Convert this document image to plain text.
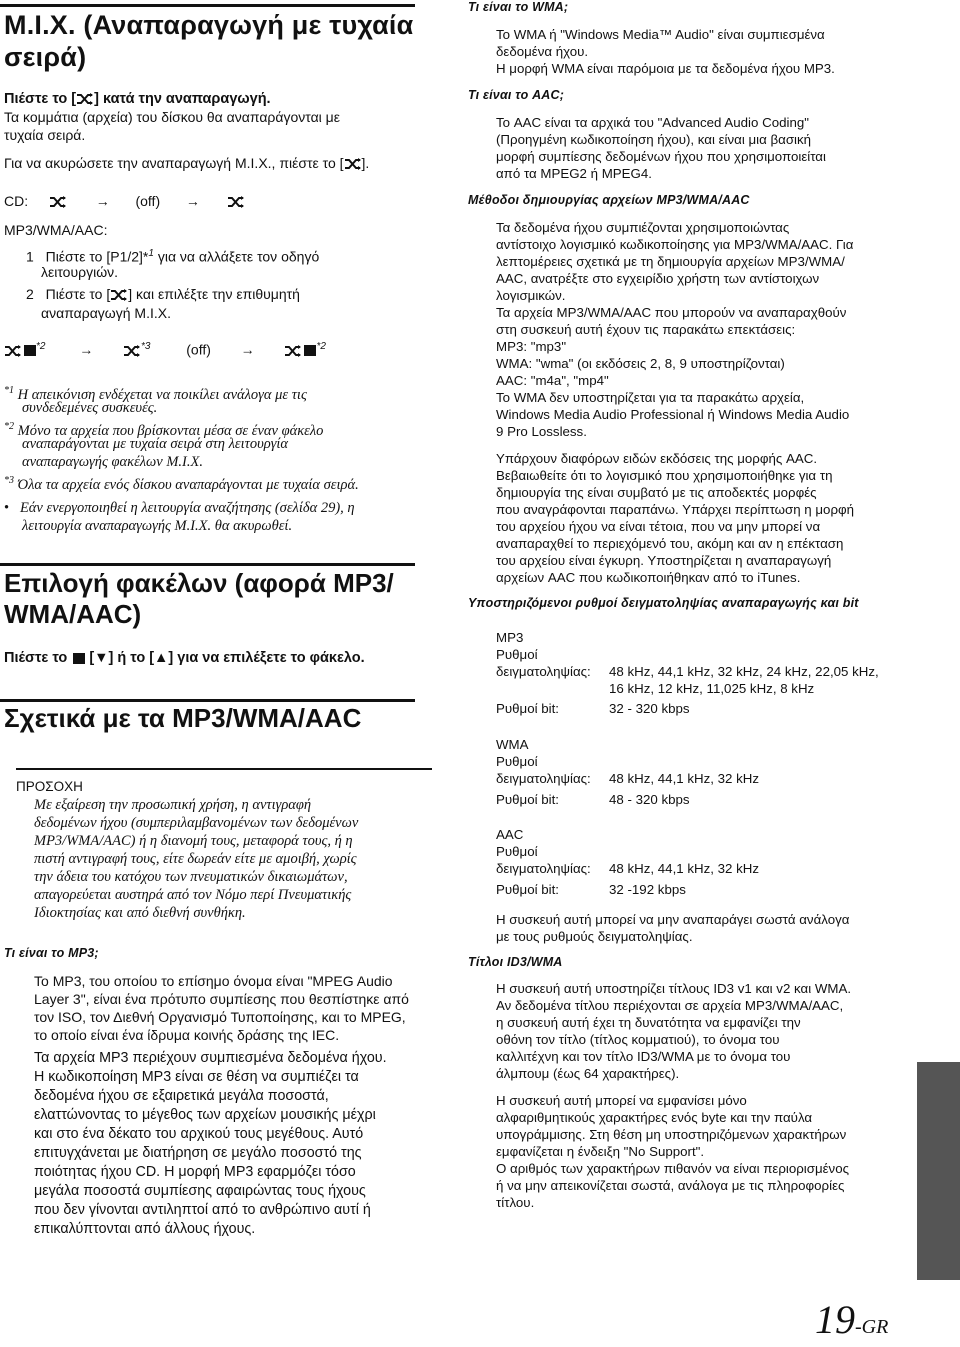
Μ.Ι.Χ. (Αναπαραγωγή με τυχαία

σειρά)

Πιέστε το [ ] κατά την αναπαραγωγή.

Τα κομμάτια (αρχεία) του δίσκου θα αναπαράγονται με

τυχαία σειρά.

Για να ακυρώσετε την αναπαραγωγή Μ.Ι.Χ., πιέστε το [ ].

CD:	→ (off) →

MP3/WMA/AAC:

1 Πιέστε το [P1/2]*$^1$ για να αλλάξετε τον οδηγό

λειτουργιών.

2 Πιέστε το [ ] και επιλέξτε την επιθυμητή

αναπαραγωγή Μ.Ι.Χ.

$^{*2}$ →	$^{*3}$	(off) →	$^{*2}$

$^{*1}$ Η απεικόνιση ενδέχεται να ποικίλει ανάλογα με τις

συνδεδεμένες συσκευές.

$^{*2}$ Μόνο τα αρχεία που βρίσκονται μέσα σε έναν φάκελο

αναπαράγονται με τυχαία σειρά στη λειτουργία

αναπαραγωγής φακέλων Μ.Ι.Χ.

$^{*3}$ Όλα τα αρχεία ενός δίσκου αναπαράγονται με τυχαία σειρά.

• Εάν ενεργοποιηθεί η λειτουργία αναζήτησης (σελίδα 29), η

λειτουργία αναπαραγωγής Μ.Ι.Χ. θα ακυρωθεί.

Επιλογή φακέλων (αφορά MP3/

WMA/AAC)

Πιέστε το [▼] ή το [▲] για να επιλέξετε το φάκελο.

Σχετικά με τα MP3/WMA/AAC

ΠΡΟΣΟΧΗ

Με εξαίρεση την προσωπική χρήση, η αντιγραφή

δεδομένων ήχου (συμπεριλαμβανομένων των δεδομένων

MP3/WMA/AAC) ή η διανομή τους, μεταφορά τους, ή η

πιστή αντιγραφή τους, είτε δωρεάν είτε με αμοιβή, χωρίς

την άδεια του κατόχου των πνευματικών δικαιωμάτων,

απαγορεύεται αυστηρά από τον Νόμο περί Πνευματικής

Ιδιοκτησίας και από διεθνή συνθήκη.

Τι είναι το MP3;

Το MP3, του οποίου το επίσημο όνομα είναι "MPEG Audio

Layer 3", είναι ένα πρότυπο συμπίεσης που θεσπίστηκε από

τον ISO, τον Διεθνή Οργανισμό Τυποποίησης, και το MPEG,

το οποίο είναι ένα ίδρυμα κοινής δράσης της IEC.

Τα αρχεία MP3 περιέχουν συμπιεσμένα δεδομένα ήχου.

Η κωδικοποίηση MP3 είναι σε θέση να συμπιέζει τα

δεδομένα ήχου σε εξαιρετικά μεγάλα ποσοστά,

ελαττώνοντας το μέγεθος των αρχείων μουσικής μέχρι

και στο ένα δέκατο του αρχικού τους μεγέθους. Αυτό

επιτυγχάνεται με διατήρηση σε μεγάλο ποσοστό της

ποιότητας ήχου CD. Η μορφή MP3 εφαρμόζει τόσο

μεγάλα ποσοστά συμπίεσης αφαιρώντας τους ήχους

που δεν γίνονται αντιληπτοί από το ανθρώπινο αυτί ή

επικαλύπτονται από άλλους ήχους.

Τι είναι το WMA;

Το WMA ή "Windows Media™ Audio" είναι συμπιεσμένα

δεδομένα ήχου.

Η μορφή WMA είναι παρόμοια με τα δεδομένα ήχου MP3.

Τι είναι το AAC;

Το AAC είναι τα αρχικά του "Advanced Audio Coding"

(Προηγμένη κωδικοποίηση ήχου), και είναι μια βασική

μορφή συμπίεσης δεδομένων ήχου που χρησιμοποιείται

από τα MPEG2 ή MPEG4.

Μέθοδοι δημιουργίας αρχείων MP3/WMA/AAC

Τα δεδομένα ήχου συμπιέζονται χρησιμοποιώντας

αντίστοιχο λογισμικό κωδικοποίησης για MP3/WMA/AAC. Για

λεπτομέρειες σχετικά με τη δημιουργία αρχείων MP3/WMA/

AAC, ανατρέξτε στο εγχειρίδιο χρήστη των αντίστοιχων

λογισμικών.

Τα αρχεία MP3/WMA/AAC που μπορούν να αναπαραχθούν

στη συσκευή αυτή έχουν τις παρακάτω επεκτάσεις:

MP3: "mp3"

WMA: "wma" (οι εκδόσεις 2, 8, 9 υποστηρίζονται)

AAC: "m4a", "mp4"

Το WMA δεν υποστηρίζεται για τα παρακάτω αρχεία,

Windows Media Audio Professional ή Windows Media Audio

9 Pro Lossless.

Υπάρχουν διαφόρων ειδών εκδόσεις της μορφής AAC.

Βεβαιωθείτε ότι το λογισμικό που χρησιμοποιήθηκε για τη

δημιουργία της είναι συμβατό με τις αποδεκτές μορφές

που αναγράφονται παραπάνω. Υπάρχει περίπτωση η μορφή

του αρχείου ήχου να είναι τέτοια, που να μην μπορεί να

αναπαραχθεί το περιεχόμενό του, ακόμη και αν η επέκταση

του αρχείου είναι έγκυρη. Υποστηρίζεται η αναπαραγωγή

αρχείων AAC που κωδικοποιήθηκαν από το iTunes.

Υποστηριζόμενοι ρυθμοί δειγματοληψίας αναπαραγωγής και bit

MP3

Ρυθμοί

δειγματοληψίας: 48 kHz, 44,1 kHz, 32 kHz, 24 kHz, 22,05 kHz,

16 kHz, 12 kHz, 11,025 kHz, 8 kHz

Ρυθμοί bit:	32 - 320 kbps

WMA

Ρυθμοί

δειγματοληψίας: 48 kHz, 44,1 kHz, 32 kHz

Ρυθμοί bit:	48 - 320 kbps

AAC

Ρυθμοί

δειγματοληψίας: 48 kHz, 44,1 kHz, 32 kHz

Ρυθμοί bit:	32 -192 kbps

Η συσκευή αυτή μπορεί να μην αναπαράγει σωστά ανάλογα

με τους ρυθμούς δειγματοληψίας.

Τίτλοι ID3/WMA

Η συσκευή αυτή υποστηρίζει τίτλους ID3 v1 και v2 και WMA.

Αν δεδομένα τίτλου περιέχονται σε αρχεία MP3/WMA/AAC,

η συσκευή αυτή έχει τη δυνατότητα να εμφανίζει την

οθόνη τον τίτλο (τίτλος κομματιού), το όνομα του

καλλιτέχνη και τον τίτλο ID3/WMA με το όνομα του

άλμπουμ (έως 64 χαρακτήρες).

Η συσκευή αυτή μπορεί να εμφανίσει μόνο

αλφαριθμητικούς χαρακτήρες ενός byte και την παύλα

υπογράμμισης. Στη θέση μη υποστηριζόμενων χαρακτήρων

εμφανίζεται η ένδειξη "No Support".

Ο αριθμός των χαρακτήρων πιθανόν να είναι περιορισμένος

ή να μην απεικονίζεται σωστά, ανάλογα με τις πληροφορίες

τίτλου.

19-GR
